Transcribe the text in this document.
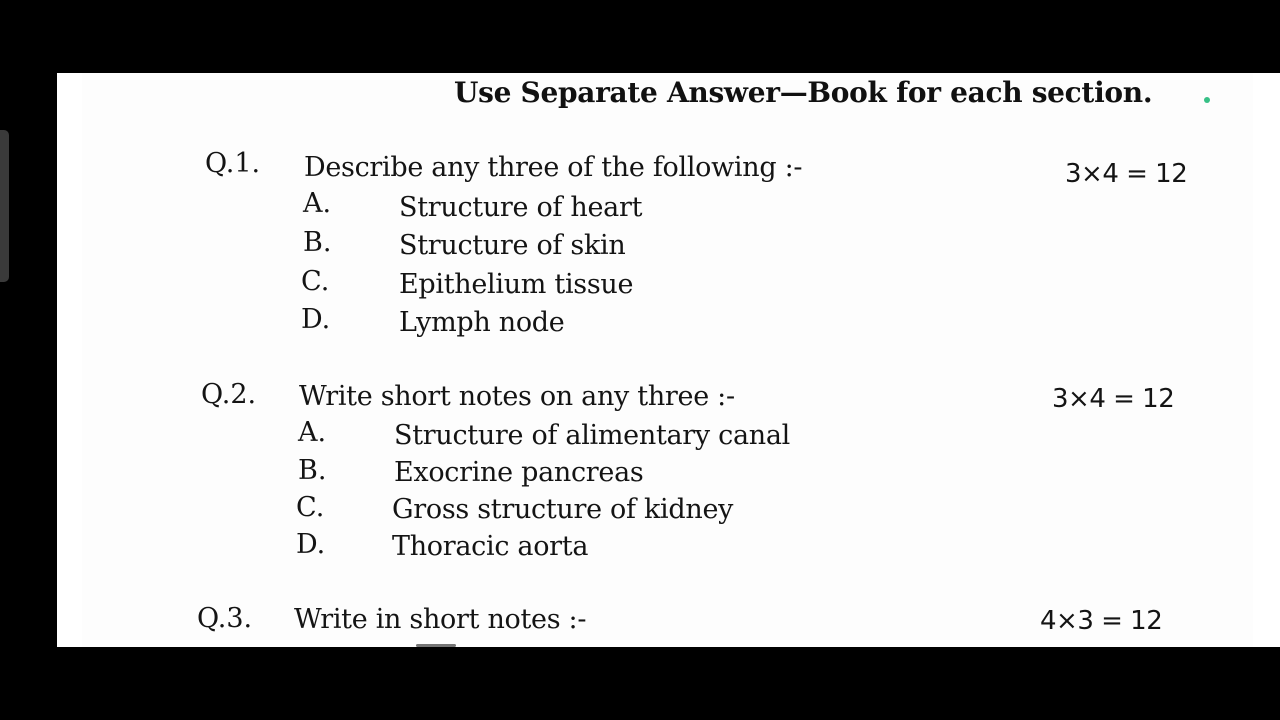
Use Separate Answer—Book for each section.
Q.1. Describe any three of the following :-	3×4 = 12
A.	Structure of heart
B.	Structure of skin
C.	Epithelium tissue
D.	Lymph node
Q.2. Write short notes on any three :-	3×4 = 12
A.	Structure of alimentary canal
B.	Exocrine pancreas
C.	Gross structure of kidney
D. Thoracic aorta
Q.3. Write in short notes :-	4×3 = 12
